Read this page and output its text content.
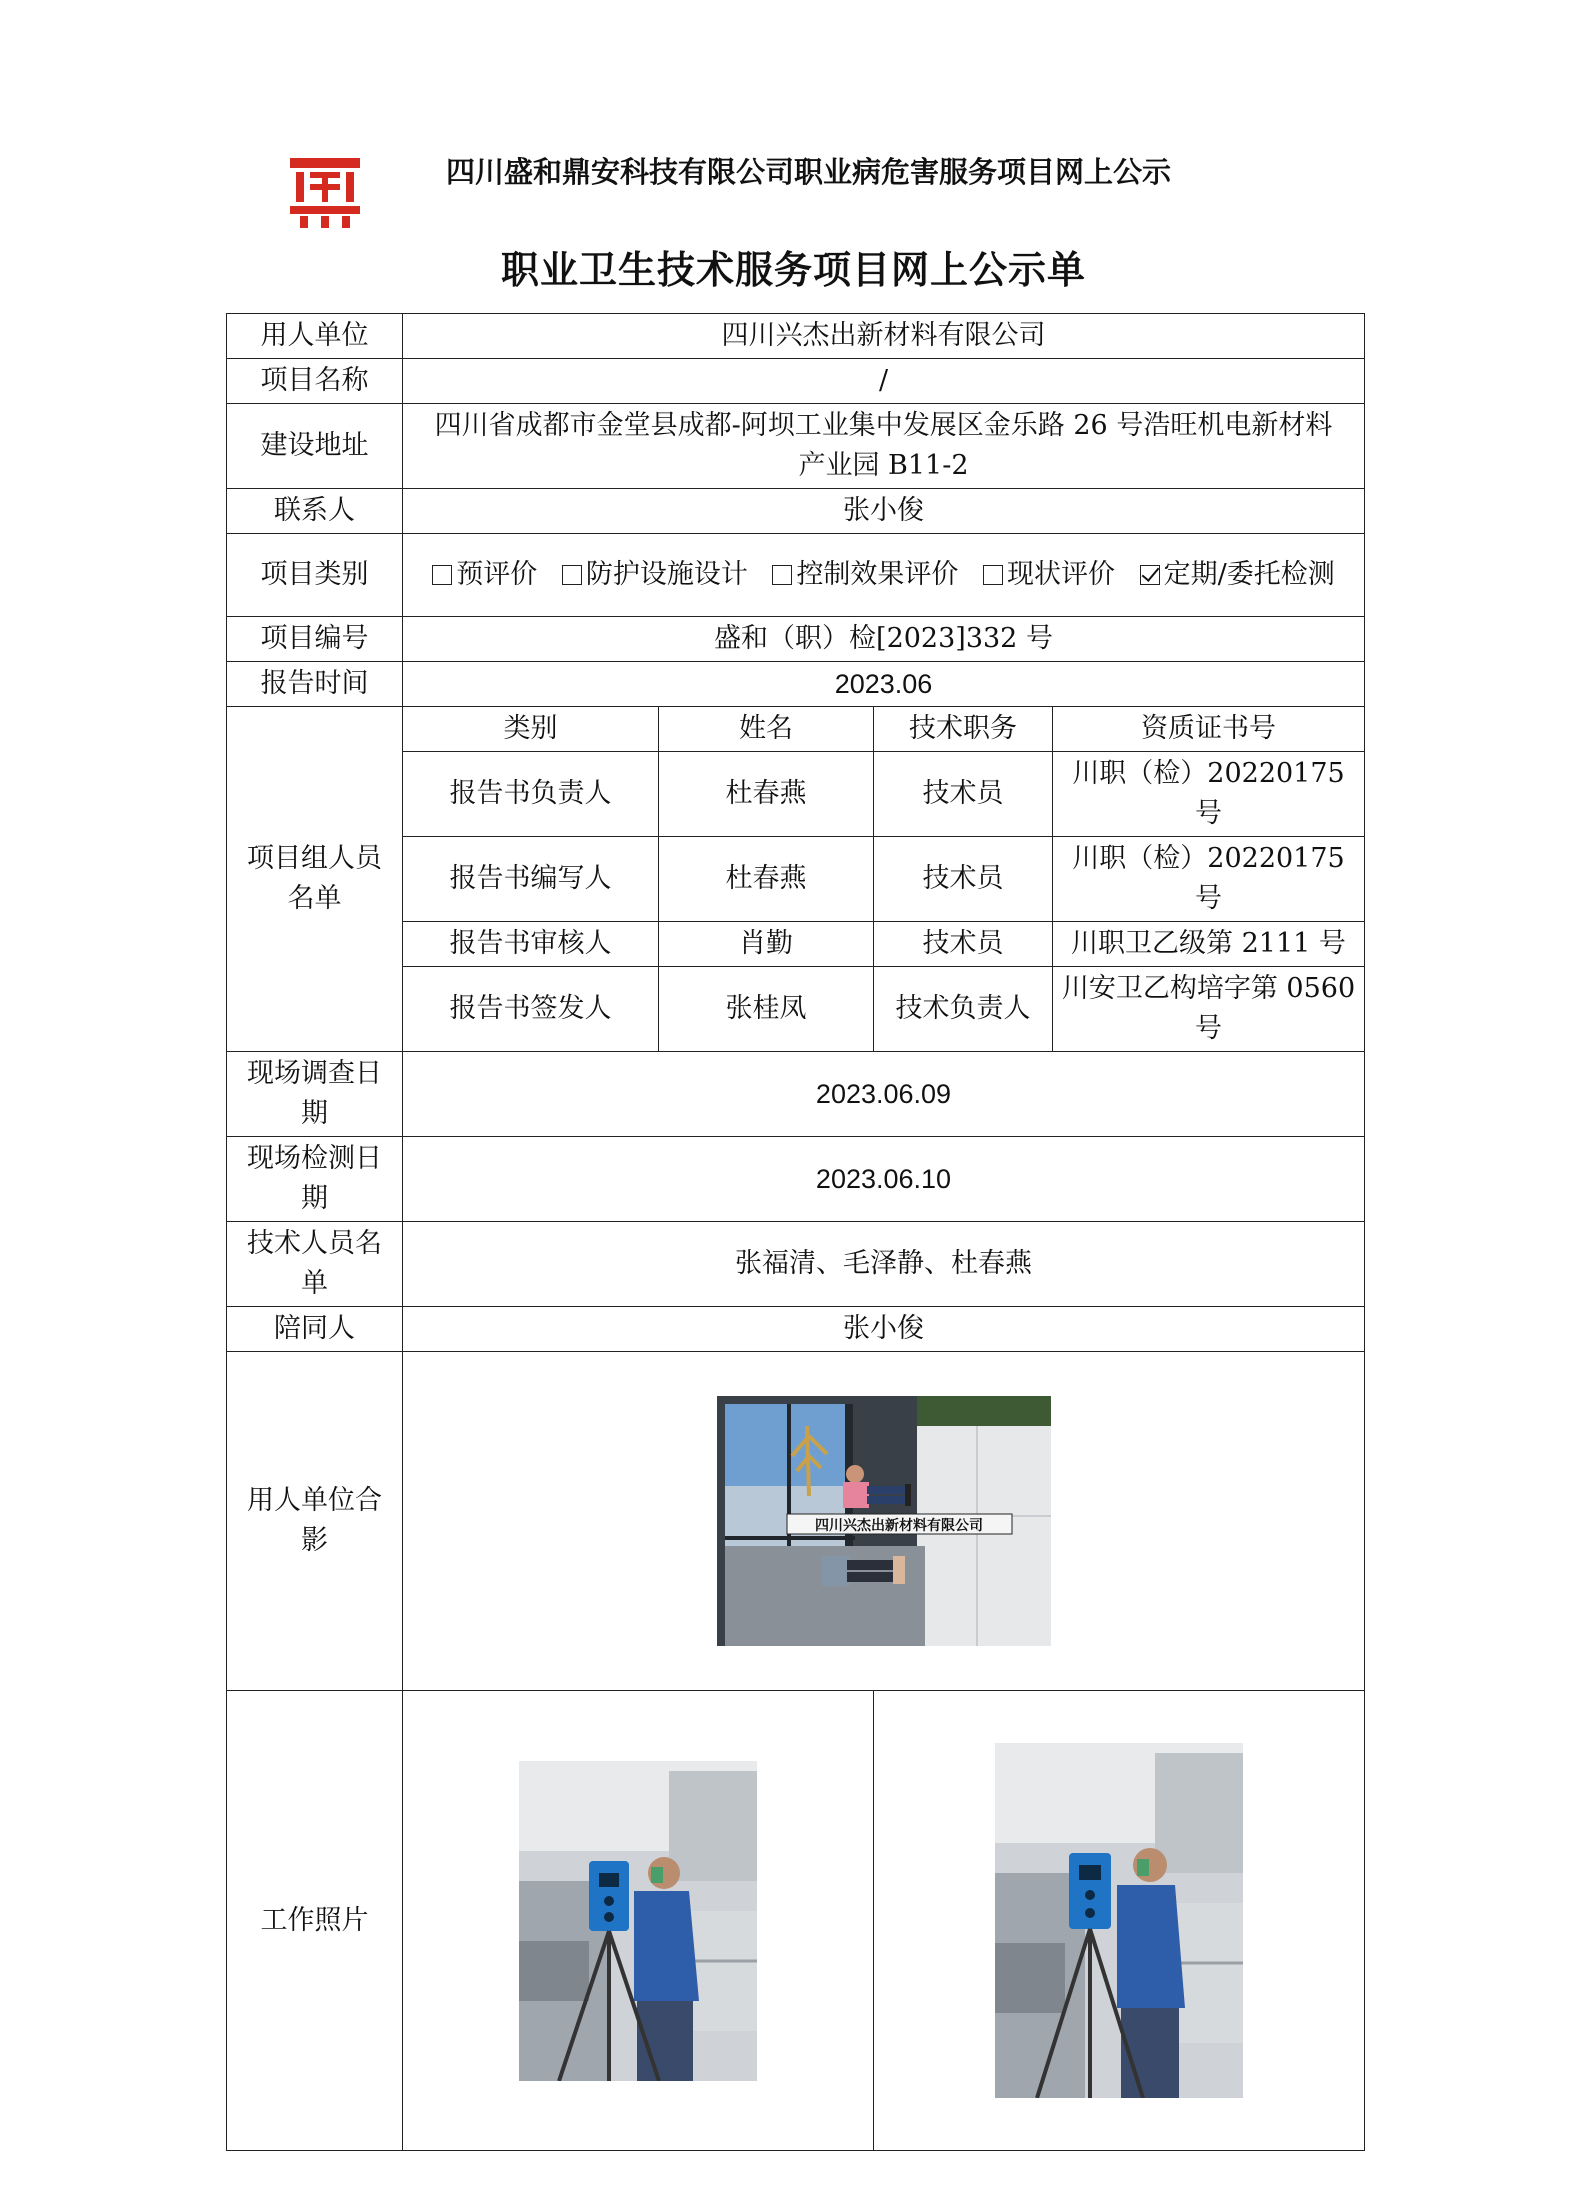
四川盛和鼎安科技有限公司职业病危害服务项目网上公示
职业卫生技术服务项目网上公示单
用人单位	四川兴杰出新材料有限公司			
项目名称	/			
建设地址	四川省成都市金堂县成都-阿坝工业集中发展区金乐路 26 号浩旺机电新材料产业园 B11-2			
联系人	张小俊			
项目类别	预评价 防护设施设计 控制效果评价 现状评价 定期/委托检测			
项目编号	盛和（职）检[2023]332 号			
报告时间	2023.06			
项目组人员名单	类别	姓名	技术职务	资质证书号
	报告书负责人	杜春燕	技术员	川职（检）20220175 号
	报告书编写人	杜春燕	技术员	川职（检）20220175 号
	报告书审核人	肖勤	技术员	川职卫乙级第 2111 号
	报告书签发人	张桂凤	技术负责人	川安卫乙构培字第 0560 号
现场调查日期	2023.06.09			
现场检测日期	2023.06.10			
技术人员名单	张福清、毛泽静、杜春燕			
陪同人	张小俊			
用人单位合影	四川兴杰出新材料有限公司			

工作照片	
